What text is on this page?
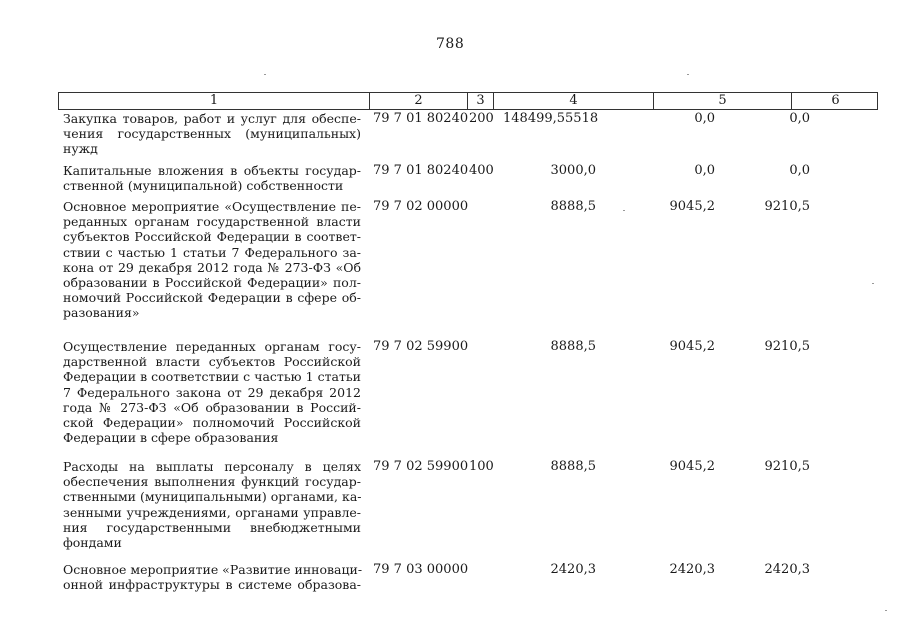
788
1	2	3	4	5	6
Закупка товаров, работ и услуг для обеспе-
чения государственных (муниципальных)
нужд
79 7 01 80240 200 148499,55518	0,0	0,0
Капитальные вложения в объекты государ-
ственной (муниципальной) собственности
79 7 01 80240 400	3000,0	0,0	0,0
Основное мероприятие «Осуществление пе-
реданных органам государственной власти
субъектов Российской Федерации в соответ-
ствии с частью 1 статьи 7 Федерального за-
кона от 29 декабря 2012 года № 273-ФЗ «Об
образовании в Российской Федерации» пол-
номочий Российской Федерации в сфере об-
разования»
79 7 02 00000	8888,5	9045,2	9210,5
Осуществление переданных органам госу-
дарственной власти субъектов Российской
Федерации в соответствии с частью 1 статьи
7 Федерального закона от 29 декабря 2012
года № 273-ФЗ «Об образовании в Россий-
ской Федерации» полномочий Российской
Федерации в сфере образования
79 7 02 59900	8888,5	9045,2	9210,5
Расходы на выплаты персоналу в целях
обеспечения выполнения функций государ-
ственными (муниципальными) органами, ка-
зенными учреждениями, органами управле-
ния государственными внебюджетными
фондами
79 7 02 59900 100	8888,5	9045,2	9210,5
Основное мероприятие «Развитие инноваци-
онной инфраструктуры в системе образова-
79 7 03 00000	2420,3	2420,3	2420,3
